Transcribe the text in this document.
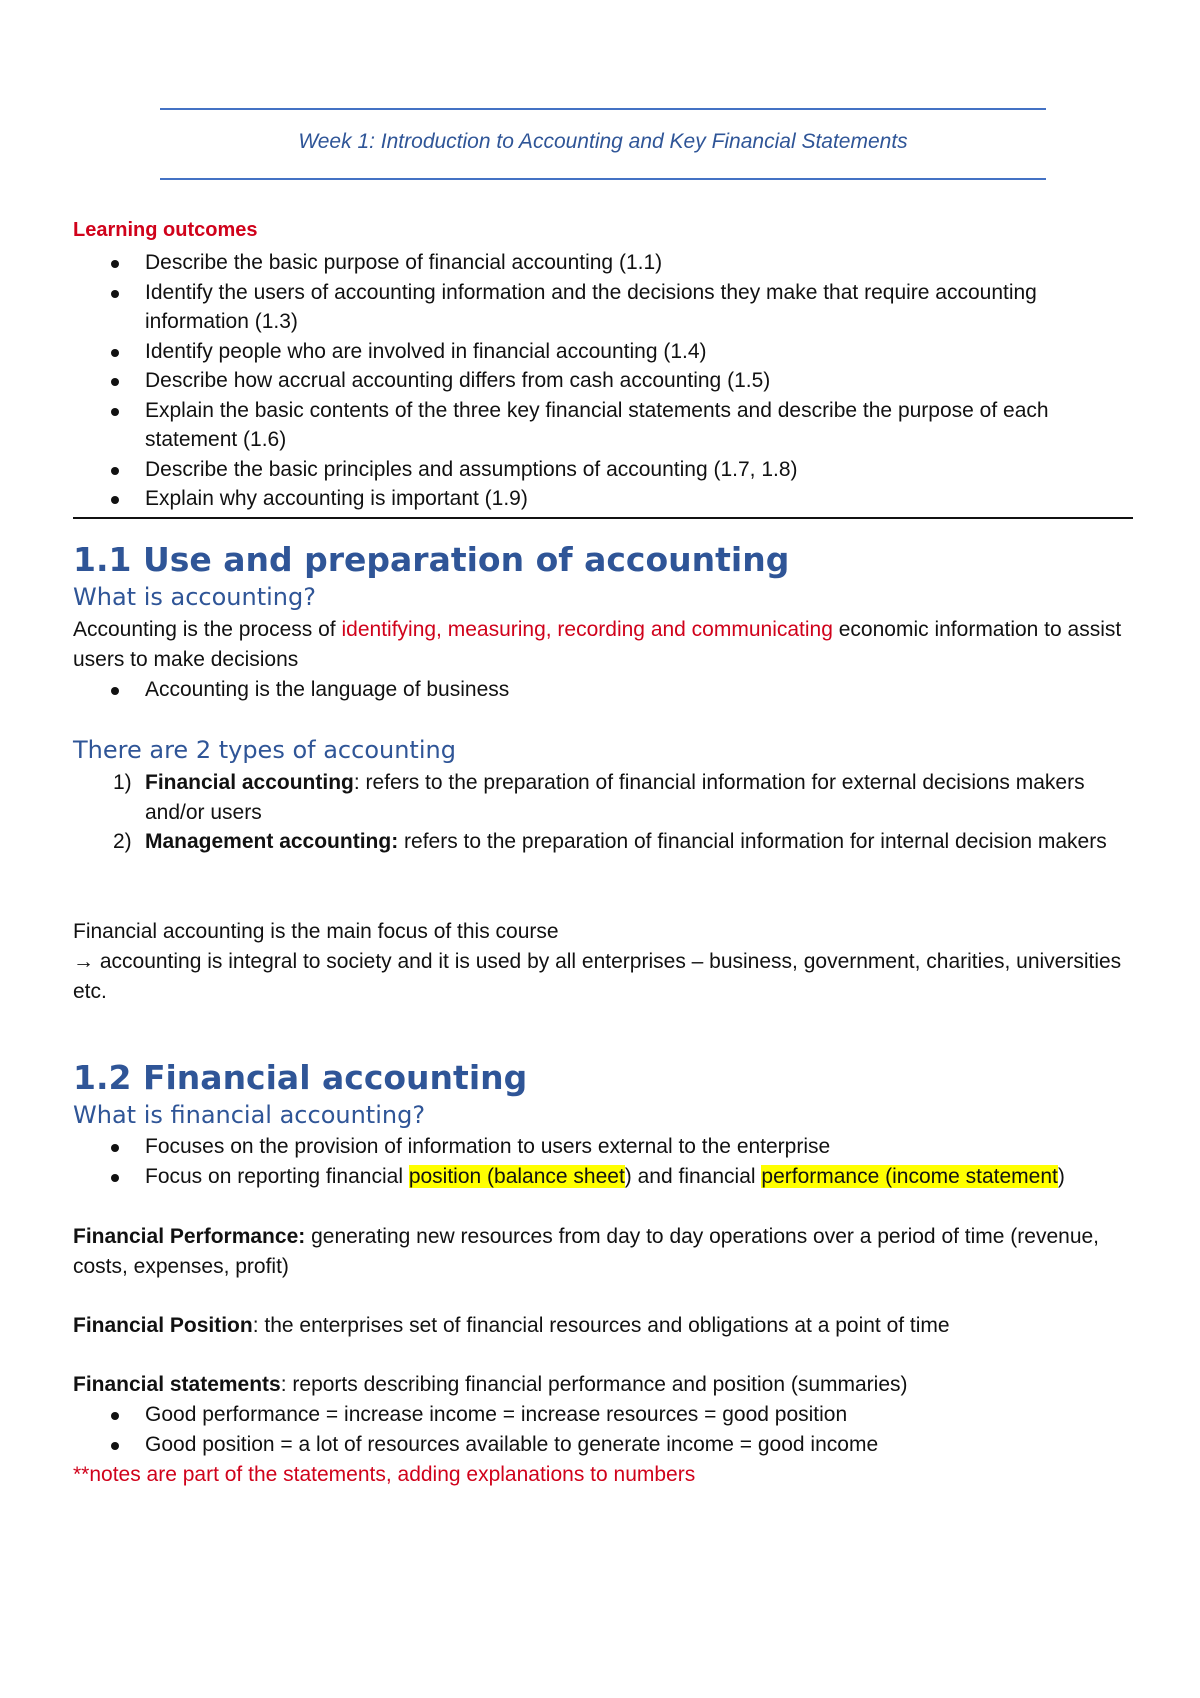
Week 1: Introduction to Accounting and Key Financial Statements
Learning outcomes
Describe the basic purpose of financial accounting (1.1)
Identify the users of accounting information and the decisions they make that require accounting information (1.3)
Identify people who are involved in financial accounting (1.4)
Describe how accrual accounting differs from cash accounting (1.5)
Explain the basic contents of the three key financial statements and describe the purpose of each statement (1.6)
Describe the basic principles and assumptions of accounting (1.7, 1.8)
Explain why accounting is important (1.9)
1.1 Use and preparation of accounting
What is accounting?
Accounting is the process of identifying, measuring, recording and communicating economic information to assist users to make decisions
Accounting is the language of business
There are 2 types of accounting
1) Financial accounting: refers to the preparation of financial information for external decisions makers and/or users
2) Management accounting: refers to the preparation of financial information for internal decision makers
Financial accounting is the main focus of this course
→ accounting is integral to society and it is used by all enterprises – business, government, charities, universities etc.
1.2 Financial accounting
What is financial accounting?
Focuses on the provision of information to users external to the enterprise
Focus on reporting financial position (balance sheet) and financial performance (income statement)
Financial Performance: generating new resources from day to day operations over a period of time (revenue, costs, expenses, profit)
Financial Position: the enterprises set of financial resources and obligations at a point of time
Financial statements: reports describing financial performance and position (summaries)
Good performance = increase income = increase resources = good position
Good position = a lot of resources available to generate income = good income
**notes are part of the statements, adding explanations to numbers
